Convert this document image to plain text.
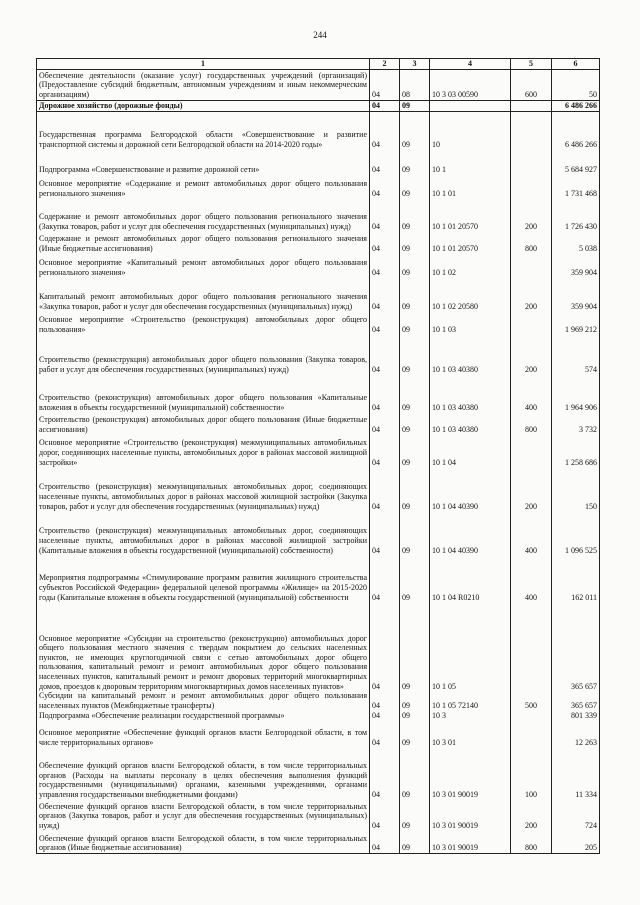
244
1	2	3	4	5	6
Обеспечение деятельности (оказание услуг) государственных учреждений (организаций) (Предоставление субсидий бюджетным, автономным учреждениям и иным некоммерческим организациям)	04	08	10 3 03 00590	600	50
Дорожное хозяйство (дорожные фонды)	04	09			6 486 266
Государственная программа Белгородской области «Совершенствование и развитие транспортной системы и дорожной сети Белгородской области на 2014-2020 годы»	04	09	10		6 486 266
Подпрограмма «Совершенствование и развитие дорожной сети»	04	09	10 1		5 684 927
Основное мероприятие «Содержание и ремонт автомобильных дорог общего пользования регионального значения»	04	09	10 1 01		1 731 468
Содержание и ремонт автомобильных дорог общего пользования регионального значения (Закупка товаров, работ и услуг для обеспечения государственных (муниципальных) нужд)	04	09	10 1 01 20570	200	1 726 430
Содержание и ремонт автомобильных дорог общего пользования регионального значения (Иные бюджетные ассигнования)	04	09	10 1 01 20570	800	5 038
Основное мероприятие «Капитальный ремонт автомобильных дорог общего пользования регионального значения»	04	09	10 1 02		359 904
Капитальный ремонт автомобильных дорог общего пользования регионального значения «Закупка товаров, работ и услуг для обеспечения государственных (муниципальных) нужд)	04	09	10 1 02 20580	200	359 904
Основное мероприятие «Строительство (реконструкция) автомобильных дорог общего пользования»	04	09	10 1 03		1 969 212
Строительство (реконструкция) автомобильных дорог общего пользования (Закупка товаров, работ и услуг для обеспечения государственных (муниципальных) нужд)	04	09	10 1 03 40380	200	574
Строительство (реконструкция) автомобильных дорог общего пользования «Капитальные вложения в объекты государственной (муниципальной) собственности»	04	09	10 1 03 40380	400	1 964 906
Строительство (реконструкция) автомобильных дорог общего пользования (Иные бюджетные ассигнования)	04	09	10 1 03 40380	800	3 732
Основное мероприятие «Строительство (реконструкция) межмуниципальных автомобильных дорог, соединяющих населенные пункты, автомобильных дорог в районах массовой жилищной застройки»	04	09	10 1 04		1 258 686
Строительство (реконструкция) межмуниципальных автомобильных дорог, соединяющих населенные пункты, автомобильных дорог в районах массовой жилищной застройки (Закупка товаров, работ и услуг для обеспечения государственных (муниципальных) нужд)	04	09	10 1 04 40390	200	150
Строительство (реконструкция) межмуниципальных автомобильных дорог, соединяющих населенные пункты, автомобильных дорог в районах массовой жилищной застройки (Капитальные вложения в объекты государственной (муниципальной) собственности)	04	09	10 1 04 40390	400	1 096 525
Мероприятия подпрограммы «Стимулирование программ развития жилищного строительства субъектов Российской Федерации» федеральной целевой программы «Жилище» на 2015-2020 годы (Капитальные вложения в объекты государственной (муниципальной) собственности	04	09	10 1 04 R0210	400	162 011
Основное мероприятие «Субсидии на строительство (реконструкцию) автомобильных дорог общего пользования местного значения с твердым покрытием до сельских населенных пунктов, не имеющих круглогодичной связи с сетью автомобильных дорог общего пользования, капитальный ремонт и ремонт автомобильных дорог общего пользования населенных пунктов, капитальный ремонт и ремонт дворовых территорий многоквартирных домов, проездов к дворовым территориям многоквартирных домов населенных пунктов»	04	09	10 1 05		365 657
Субсидии на капитальный ремонт и ремонт автомобильных дорог общего пользования населенных пунктов (Межбюджетные трансферты)	04	09	10 1 05 72140	500	365 657
Подпрограмма «Обеспечение реализации государственной программы»	04	09	10 3		801 339
Основное мероприятие «Обеспечение функций органов власти Белгородской области, в том числе территориальных органов»	04	09	10 3 01		12 263
Обеспечение функций органов власти Белгородской области, в том числе территориальных органов (Расходы на выплаты персоналу в целях обеспечения выполнения функций государственными (муниципальными) органами, казенными учреждениями, органами управления государственными внебюджетными фондами)	04	09	10 3 01 90019	100	11 334
Обеспечение функций органов власти Белгородской области, в том числе территориальных органов (Закупка товаров, работ и услуг для обеспечения государственных (муниципальных) нужд)	04	09	10 3 01 90019	200	724
Обеспечение функций органов власти Белгородской области, в том числе территориальных органов (Иные бюджетные ассигнования)	04	09	10 3 01 90019	800	205
